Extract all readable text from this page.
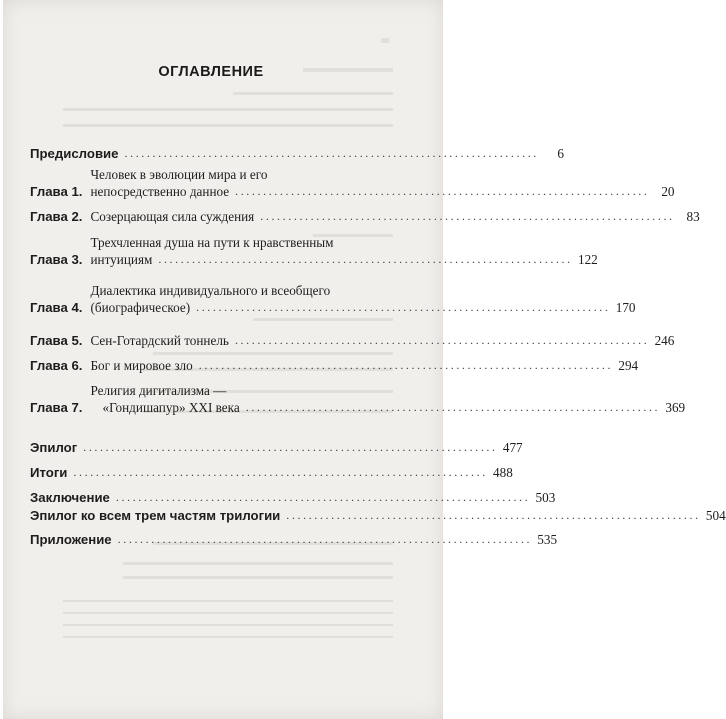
ОГЛАВЛЕНИЕ
Предисловие ..........................................................................	6
Глава 1.
Человек в эволюции мира и его
непосредственно данное .......................................................................... 20
Глава 2. Созерцающая сила суждения .......................................................................... 83
Глава 3.
Трехчленная душа на пути к нравственным
интуициям .......................................................................... 122
Глава 4.
Диалектика индивидуального и всеобщего
(биографическое) .......................................................................... 170
Глава 5. Сен-Готардский тоннель .......................................................................... 246
Глава 6. Бог и мировое зло .......................................................................... 294
Глава 7.
Религия дигитализма —
«Гондишапур» XXI века .......................................................................... 369
Эпилог .......................................................................... 477
Итоги .......................................................................... 488
Заключение .......................................................................... 503
Эпилог ко всем трем частям трилогии .......................................................................... 504
Приложение .......................................................................... 535
